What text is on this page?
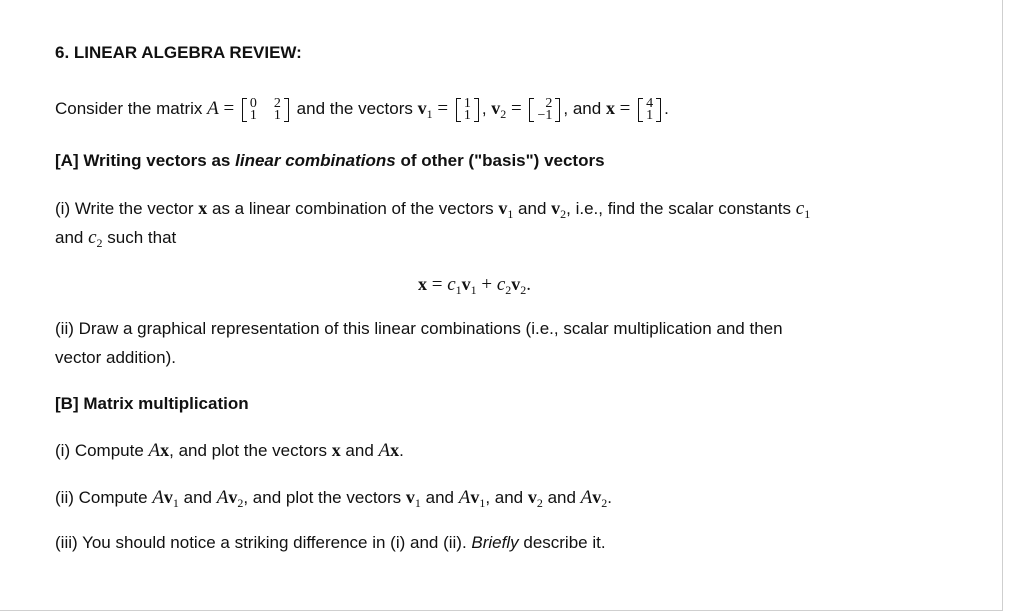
6. LINEAR ALGEBRA REVIEW:
Consider the matrix A = 0	2
1	1 and the vectors $v_1 = 1$
1 , $v_2 = 2$
−1 , and x = 4
1 .
[A] Writing vectors as linear combinations of other ("basis") vectors
(i) Write the vector x as a linear combination of the vectors $v_1$ and $v_2$, i.e., find the scalar constants $c_1$
and $c_2$ such that
$x = c_1v_1 + c_2v_2$.
(ii) Draw a graphical representation of this linear combinations (i.e., scalar multiplication and then
vector addition).
[B] Matrix multiplication
(i) Compute Ax, and plot the vectors x and Ax.
(ii) Compute $Av_1$ and $Av_2$, and plot the vectors $v_1$ and $Av_1$, and $v_2$ and $Av_2$.
(iii) You should notice a striking difference in (i) and (ii). Briefly describe it.
